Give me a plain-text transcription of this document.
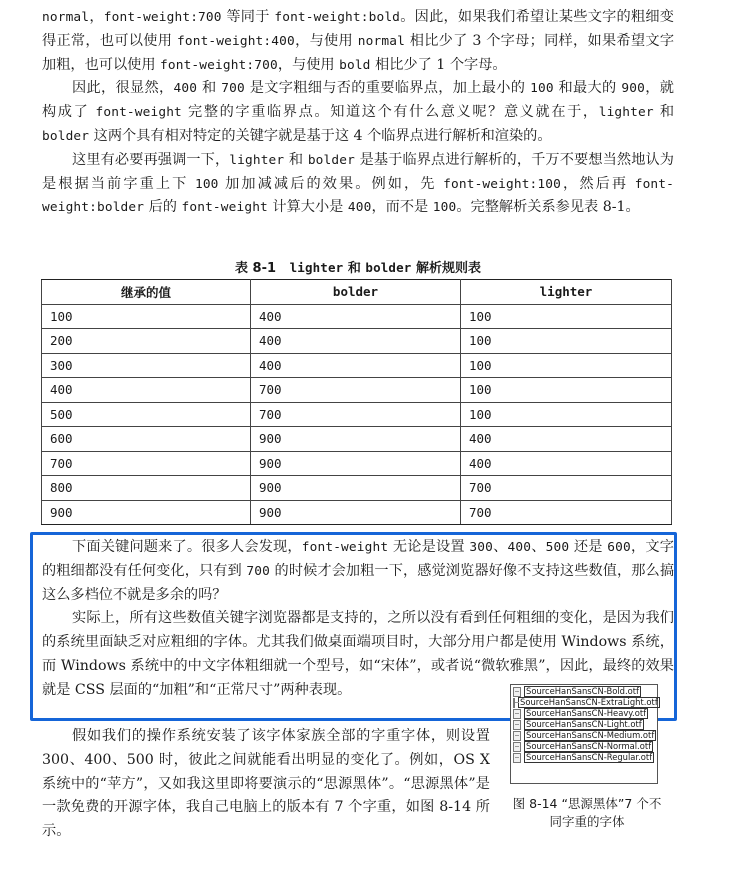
normal，font-weight:700 等同于 font-weight:bold。因此，如果我们希望让某些文字的粗细变得正常，也可以使用 font-weight:400，与使用 normal 相比少了 3 个字母；同样，如果希望文字加粗，也可以使用 font-weight:700，与使用 bold 相比少了 1 个字母。

因此，很显然，400 和 700 是文字粗细与否的重要临界点，加上最小的 100 和最大的 900，就构成了 font-weight 完整的字重临界点。知道这个有什么意义呢？意义就在于，lighter 和 bolder 这两个具有相对特定的关键字就是基于这 4 个临界点进行解析和渲染的。

这里有必要再强调一下，lighter 和 bolder 是基于临界点进行解析的，千万不要想当然地认为是根据当前字重上下 100 加加减减后的效果。例如，先 font-weight:100，然后再 font-weight:bolder 后的 font-weight 计算大小是 400，而不是 100。完整解析关系参见表 8-1。

表 8-1 lighter 和 bolder 解析规则表
继承的值	bolder	lighter
100	400	100
200	400	100
300	400	100
400	700	100
500	700	100
600	900	400
700	900	400
800	900	700
900	900	700

下面关键问题来了。很多人会发现，font-weight 无论是设置 300、400、500 还是 600，文字的粗细都没有任何变化，只有到 700 的时候才会加粗一下，感觉浏览器好像不支持这些数值，那么搞这么多档位不就是多余的吗？

实际上，所有这些数值关键字浏览器都是支持的，之所以没有看到任何粗细的变化，是因为我们的系统里面缺乏对应粗细的字体。尤其我们做桌面端项目时，大部分用户都是使用 Windows 系统，而 Windows 系统中的中文字体粗细就一个型号，如“宋体”，或者说“微软雅黑”，因此，最终的效果就是 CSS 层面的“加粗”和“正常尺寸”两种表现。

假如我们的操作系统安装了该字体家族全部的字重字体，则设置 300、400、500 时，彼此之间就能看出明显的变化了。例如，OS X 系统中的“苹方”，又如我这里即将要演示的“思源黑体”。“思源黑体”是一款免费的开源字体，我自己电脑上的版本有 7 个字重，如图 8-14 所示。

SourceHanSansCN-Bold.otf
SourceHanSansCN-ExtraLight.otf
SourceHanSansCN-Heavy.otf
SourceHanSansCN-Light.otf
SourceHanSansCN-Medium.otf
SourceHanSansCN-Normal.otf
SourceHanSansCN-Regular.otf
图 8-14 “思源黑体”7 个不
同字重的字体
